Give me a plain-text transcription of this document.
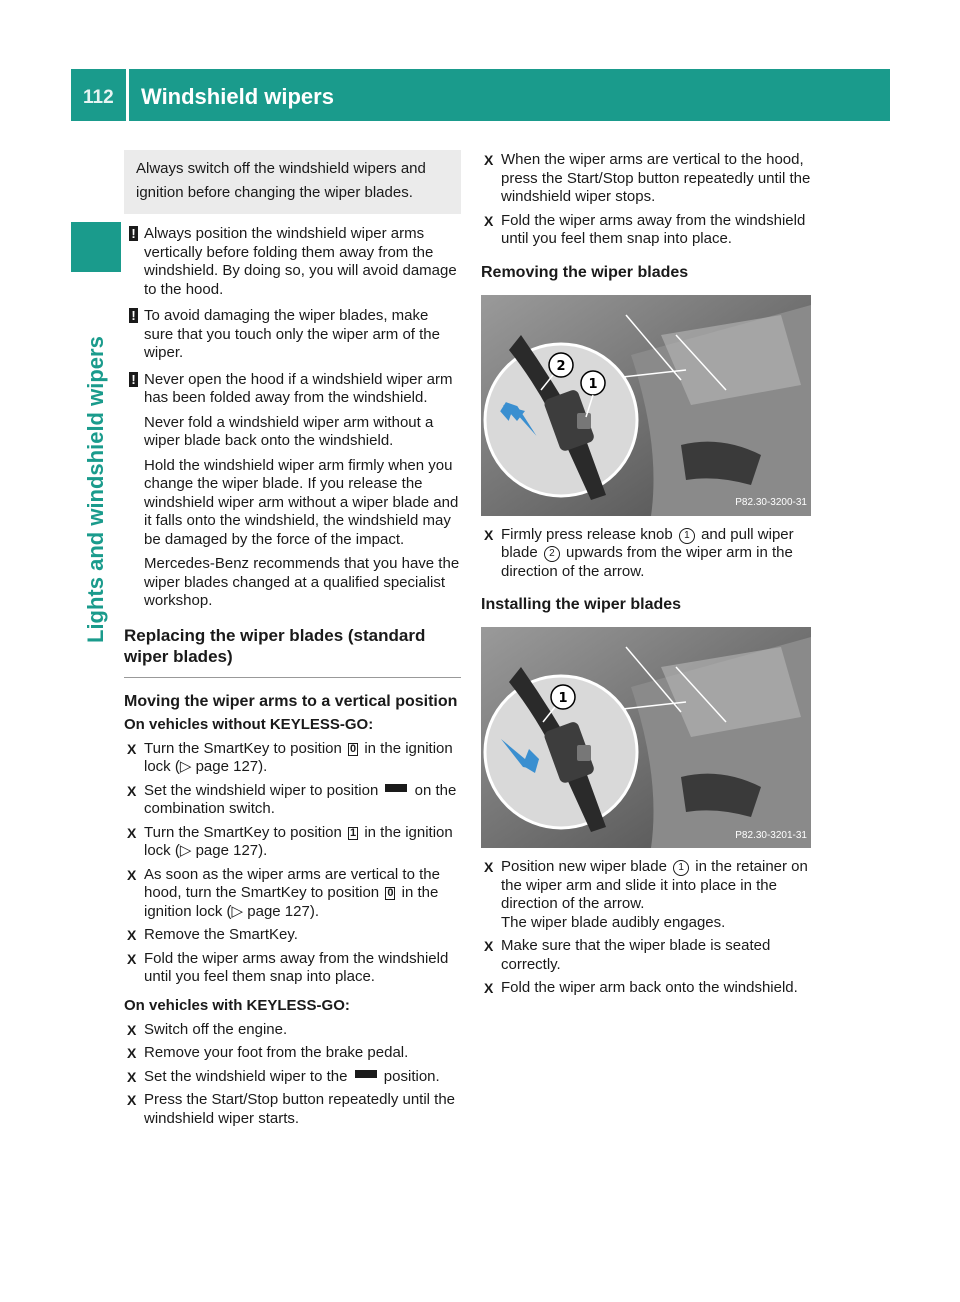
112 Windshield wipers
Lights and windshield wipers
Always switch off the windshield wipers and ignition before changing the wiper blades.
! Always position the windshield wiper arms vertically before folding them away from the windshield. By doing so, you will avoid damage to the hood.

! To avoid damaging the wiper blades, make sure that you touch only the wiper arm of the wiper.

! Never open the hood if a windshield wiper arm has been folded away from the windshield.

Never fold a windshield wiper arm without a wiper blade back onto the windshield.

Hold the windshield wiper arm firmly when you change the wiper blade. If you release the windshield wiper arm without a wiper blade and it falls onto the windshield, the windshield may be damaged by the force of the impact.

Mercedes-Benz recommends that you have the wiper blades changed at a qualified specialist workshop.

Replacing the wiper blades (standard wiper blades)
Moving the wiper arms to a vertical position
On vehicles without KEYLESS-GO:
X Turn the SmartKey to position 0 in the ignition lock (▷ page 127).
X Set the windshield wiper to position on the combination switch.
X Turn the SmartKey to position 1 in the ignition lock (▷ page 127).
X As soon as the wiper arms are vertical to the hood, turn the SmartKey to position 0 in the ignition lock (▷ page 127).
X Remove the SmartKey.
X Fold the wiper arms away from the windshield until you feel them snap into place.
On vehicles with KEYLESS-GO:
X Switch off the engine.
X Remove your foot from the brake pedal.
X Set the windshield wiper to the position.
X Press the Start/Stop button repeatedly until the windshield wiper starts.
X When the wiper arms are vertical to the hood, press the Start/Stop button repeatedly until the windshield wiper stops.
X Fold the wiper arms away from the windshield until you feel them snap into place.
Removing the wiper blades
2
1
P82.30-3200-31
X Firmly press release knob 1 and pull wiper blade 2 upwards from the wiper arm in the direction of the arrow.
Installing the wiper blades
1
P82.30-3201-31
X Position new wiper blade 1 in the retainer on the wiper arm and slide it into place in the direction of the arrow.
The wiper blade audibly engages.
X Make sure that the wiper blade is seated correctly.
X Fold the wiper arm back onto the windshield.
